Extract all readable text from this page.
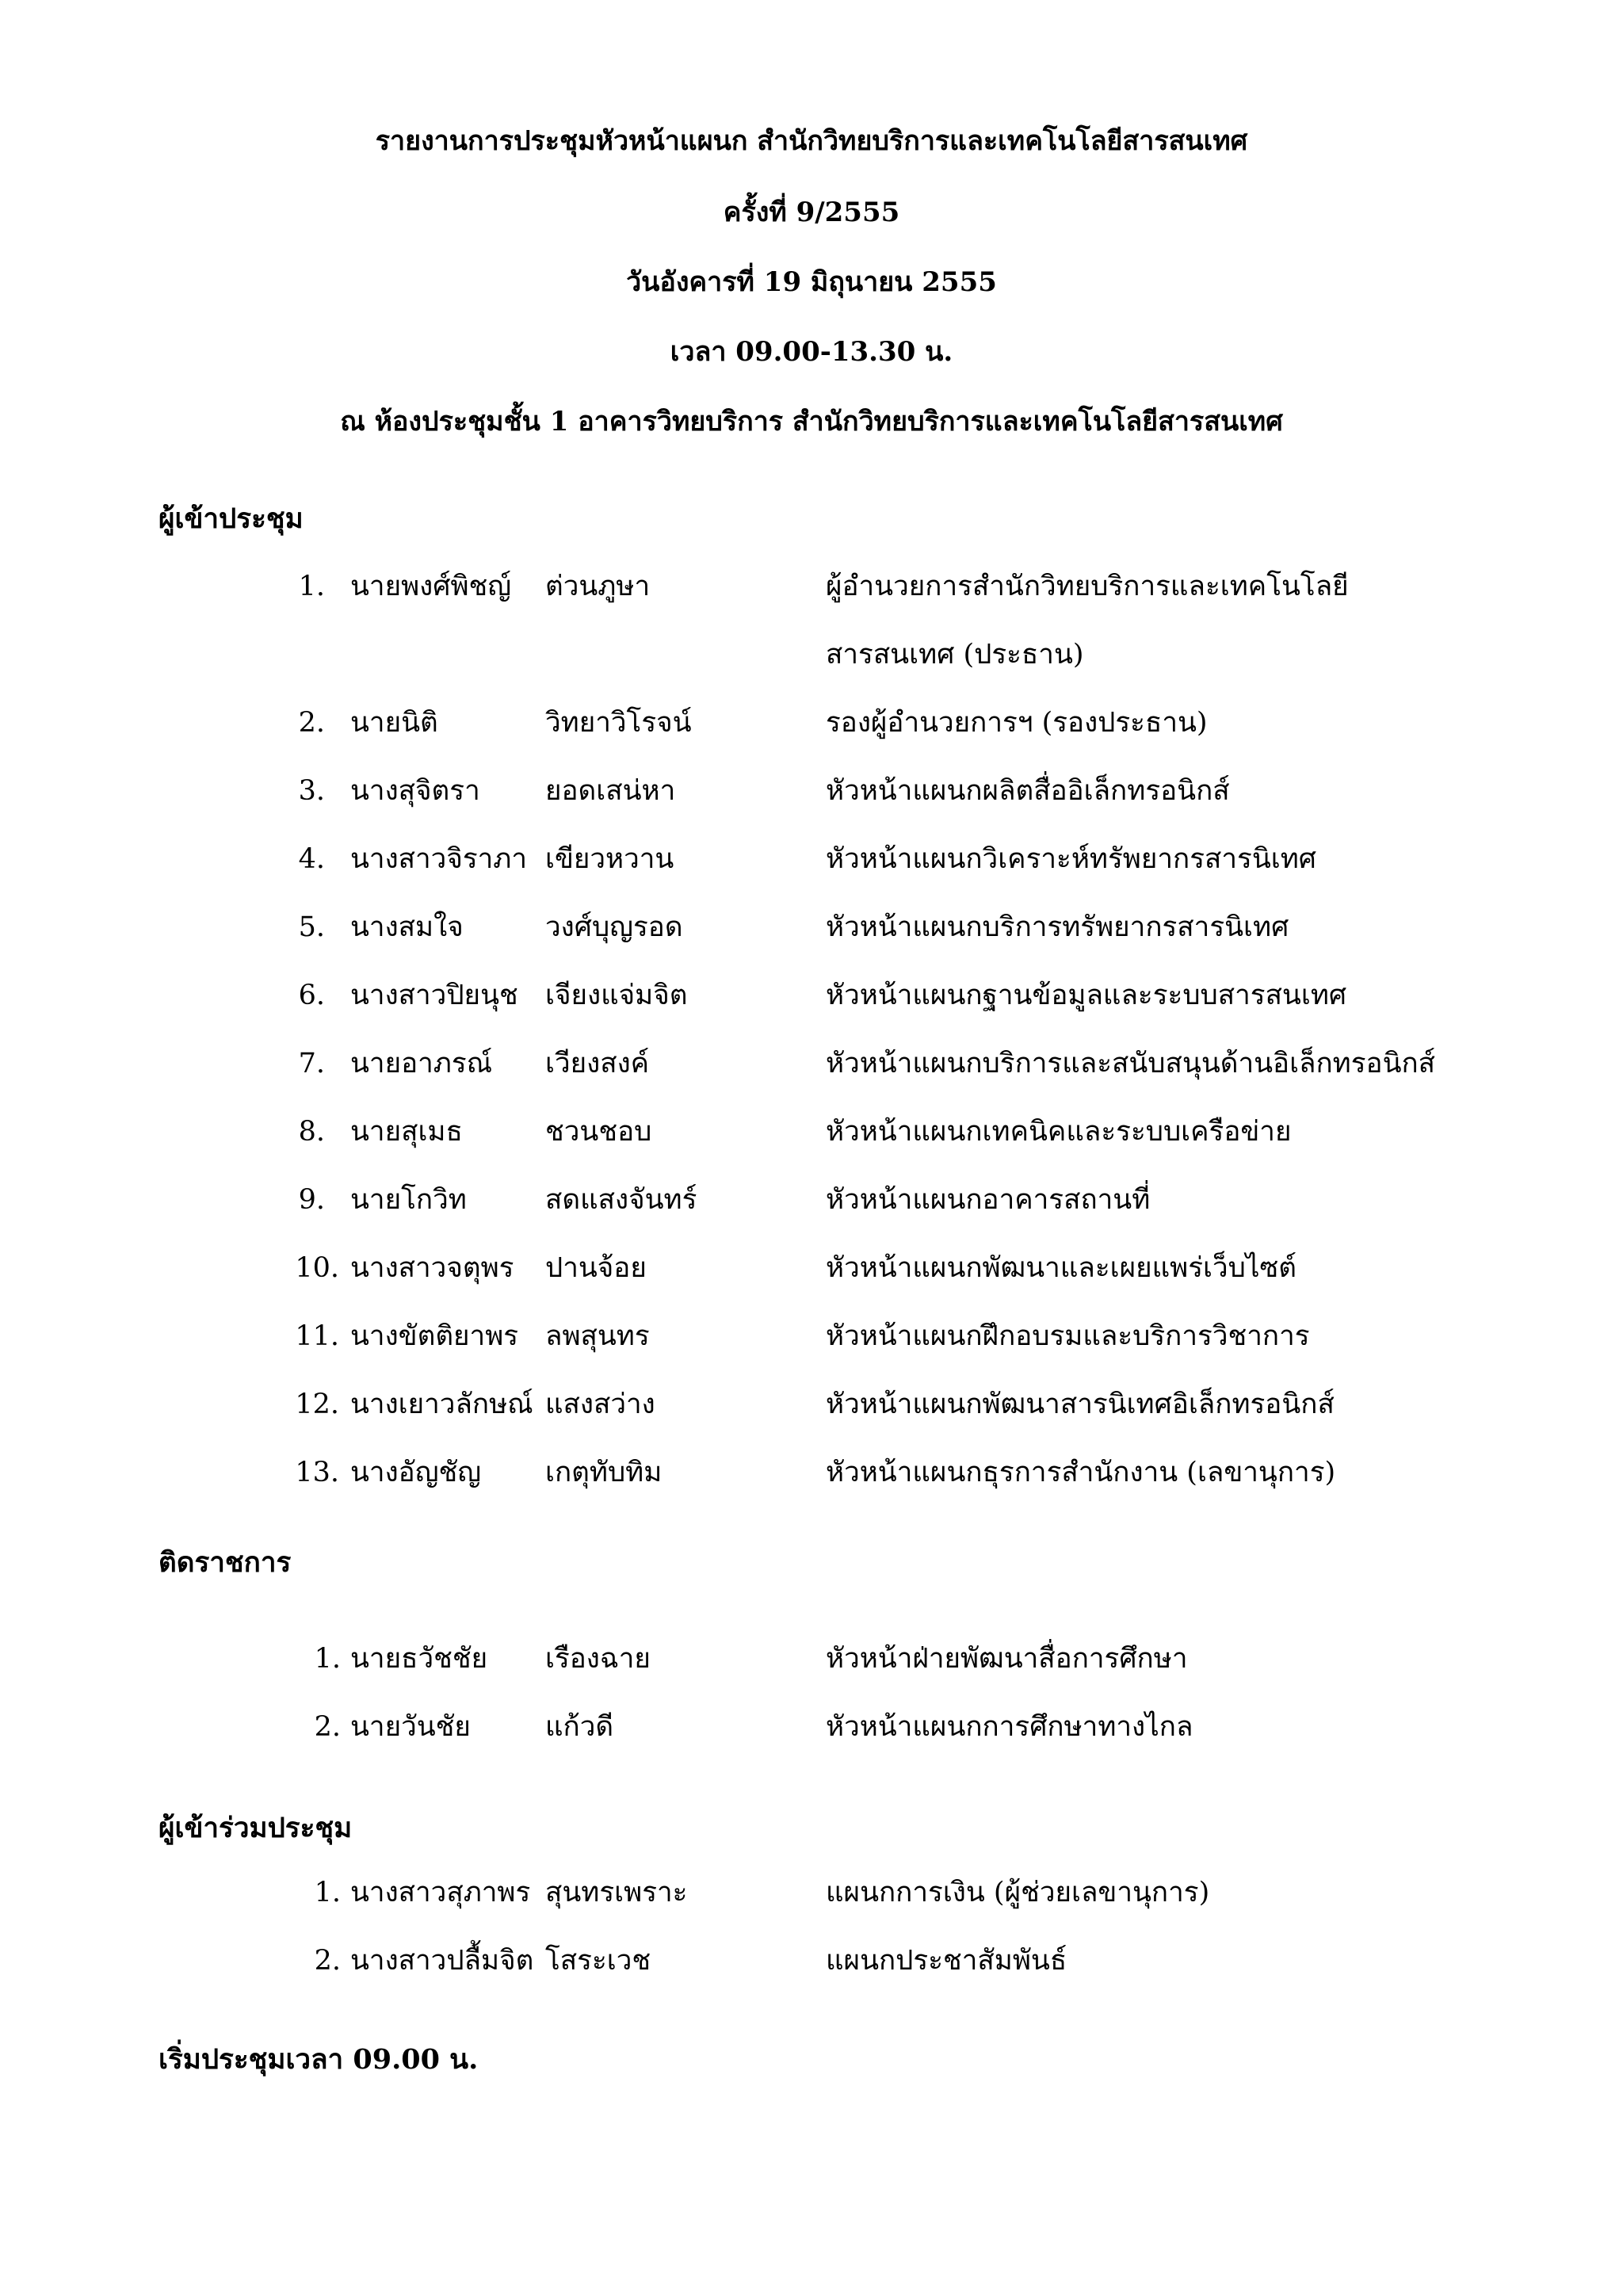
รายงานการประชุมหัวหน้าแผนก สำนักวิทยบริการและเทคโนโลยีสารสนเทศ
ครั้งที่ 9/2555
วันอังคารที่ 19 มิถุนายน 2555
เวลา 09.00-13.30 น.
ณ ห้องประชุมชั้น 1 อาคารวิทยบริการ สำนักวิทยบริการและเทคโนโลยีสารสนเทศ
ผู้เข้าประชุม
1. นายพงศ์พิชญ์ ต่วนภูษา	ผู้อำนวยการสำนักวิทยบริการและเทคโนโลยี
สารสนเทศ (ประธาน)
2. นายนิติ	วิทยาวิโรจน์	รองผู้อำนวยการฯ (รองประธาน)
3. นางสุจิตรา ยอดเสน่หา	หัวหน้าแผนกผลิตสื่ออิเล็กทรอนิกส์
4. นางสาวจิราภา เขียวหวาน	หัวหน้าแผนกวิเคราะห์ทรัพยากรสารนิเทศ
5. นางสมใจ	วงศ์บุญรอด	หัวหน้าแผนกบริการทรัพยากรสารนิเทศ
6. นางสาวปิยนุช เจียงแจ่มจิต	หัวหน้าแผนกฐานข้อมูลและระบบสารสนเทศ
7. นายอาภรณ์ เวียงสงค์	หัวหน้าแผนกบริการและสนับสนุนด้านอิเล็กทรอนิกส์
8. นายสุเมธ	ชวนชอบ	หัวหน้าแผนกเทคนิคและระบบเครือข่าย
9. นายโกวิท	สดแสงจันทร์	หัวหน้าแผนกอาคารสถานที่
10. นางสาวจตุพร ปานจ้อย	หัวหน้าแผนกพัฒนาและเผยแพร่เว็บไซต์
11. นางขัตติยาพร ลพสุนทร	หัวหน้าแผนกฝึกอบรมและบริการวิชาการ
12. นางเยาวลักษณ์ แสงสว่าง	หัวหน้าแผนกพัฒนาสารนิเทศอิเล็กทรอนิกส์
13. นางอัญชัญ เกตุทับทิม	หัวหน้าแผนกธุรการสำนักงาน (เลขานุการ)
ติดราชการ
1. นายธวัชชัย เรืองฉาย	หัวหน้าฝ่ายพัฒนาสื่อการศึกษา
2. นายวันชัย	แก้วดี	หัวหน้าแผนกการศึกษาทางไกล
ผู้เข้าร่วมประชุม
1. นางสาวสุภาพร สุนทรเพราะ	แผนกการเงิน (ผู้ช่วยเลขานุการ)
2. นางสาวปลื้มจิต โสระเวช	แผนกประชาสัมพันธ์
เริ่มประชุมเวลา 09.00 น.
